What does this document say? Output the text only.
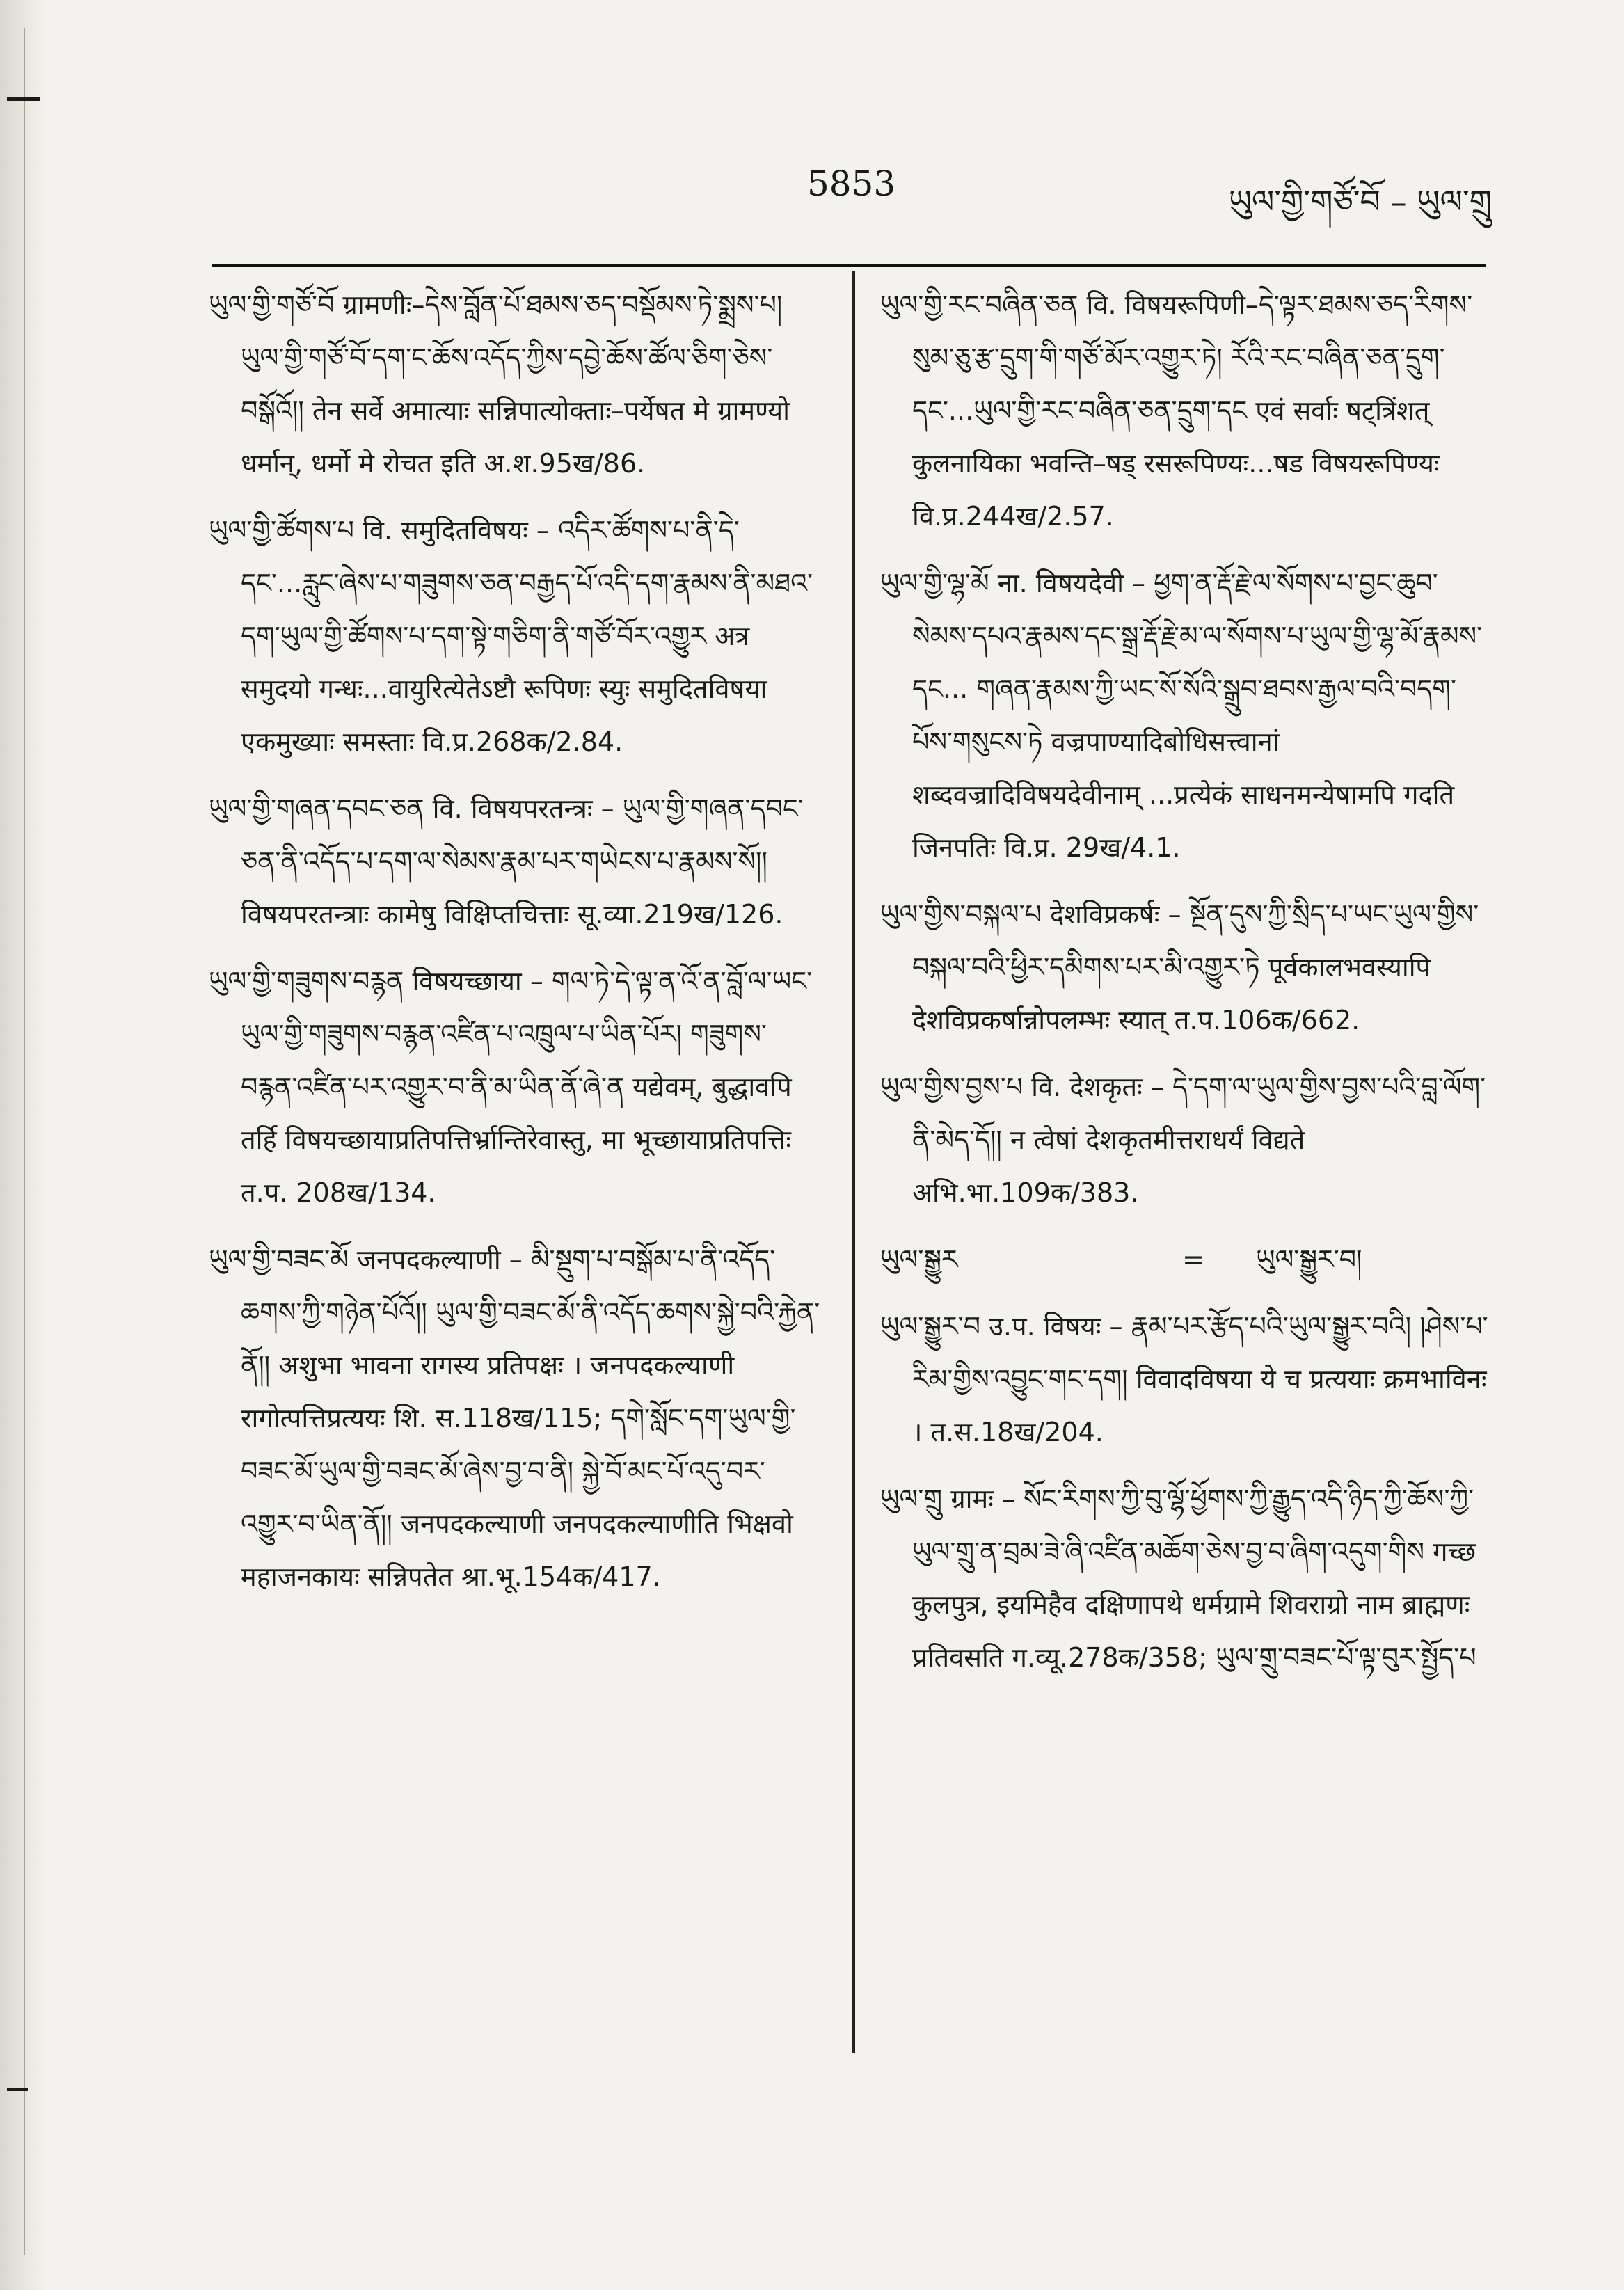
5853	ཡུལ་གྱི་གཙོ་བོ – ཡུལ་གྲུ
ཡུལ་གྱི་གཙོ་བོ ग्रामणीः–དེས་བློན་པོ་ཐམས་ཅད་བསྡོམས་ཏེ་སྨྲས་པ། ཡུལ་གྱི་གཙོ་བོ་དག་ང་ཆོས་འདོད་ཀྱིས་དབྱེ་ཆོས་ཚོལ་ཅིག་ཅེས་བསྒོའོ།། तेन सर्वे अमात्याः सन्निपात्योक्ताः–पर्येषत मे ग्रामण्यो धर्मान्, धर्मो मे रोचत इति अ.श.95ख/86.
ཡུལ་གྱི་ཚོགས་པ वि. समुदितविषयः – འདིར་ཚོགས་པ་ནི་དེ་དང་...རླུང་ཞེས་པ་གཟུགས་ཅན་བརྒྱད་པོ་འདི་དག་རྣམས་ནི་མཐའ་དག་ཡུལ་གྱི་ཚོགས་པ་དག་སྟེ་གཅིག་ནི་གཙོ་བོར་འགྱུར अत्र समुदयो गन्धः...वायुरित्येतेऽष्टौ रूपिणः स्युः समुदितविषया एकमुख्याः समस्ताः वि.प्र.268क/2.84.
ཡུལ་གྱི་གཞན་དབང་ཅན वि. विषयपरतन्त्रः – ཡུལ་གྱི་གཞན་དབང་ཅན་ནི་འདོད་པ་དག་ལ་སེམས་རྣམ་པར་གཡེངས་པ་རྣམས་སོ།། विषयपरतन्त्राः कामेषु विक्षिप्तचित्ताः सू.व्या.219ख/126.
ཡུལ་གྱི་གཟུགས་བརྙན विषयच्छाया – གལ་ཏེ་དེ་ལྟ་ན་འོ་ན་བློ་ལ་ཡང་ཡུལ་གྱི་གཟུགས་བརྙན་འཛིན་པ་འཁྲུལ་པ་ཡིན་པོར། གཟུགས་བརྙན་འཛིན་པར་འགྱུར་བ་ནི་མ་ཡིན་ནོ་ཞེ་ན यद्येवम्, बुद्धावपि तर्हि विषयच्छायाप्रतिपत्तिर्भ्रान्तिरेवास्तु, मा भूच्छायाप्रतिपत्तिः त.प. 208ख/134.
ཡུལ་གྱི་བཟང་མོ जनपदकल्याणी – མི་སྡུག་པ་བསྒོམ་པ་ནི་འདོད་ཆགས་ཀྱི་གཉེན་པོའོ།། ཡུལ་གྱི་བཟང་མོ་ནི་འདོད་ཆགས་སྐྱེ་བའི་རྐྱེན་ནོ།། अशुभा भावना रागस्य प्रतिपक्षः । जनपदकल्याणी रागोत्पत्तिप्रत्ययः शि. स.118ख/115; དགེ་སློང་དག་ཡུལ་གྱི་བཟང་མོ་ཡུལ་གྱི་བཟང་མོ་ཞེས་བྱ་བ་ནི། སྐྱེ་བོ་མང་པོ་འདུ་བར་འགྱུར་བ་ཡིན་ནོ།། जनपदकल्याणी जनपदकल्याणीति भिक्षवो महाजनकायः सन्निपतेत श्रा.भू.154क/417.
ཡུལ་གྱི་རང་བཞིན་ཅན वि. विषयरूपिणी–དེ་ལྟར་ཐམས་ཅད་རིགས་སུམ་ཅུ་རྩ་དྲུག་གི་གཙོ་མོར་འགྱུར་ཏེ། རོའི་རང་བཞིན་ཅན་དྲུག་དང་...ཡུལ་གྱི་རང་བཞིན་ཅན་དྲུག་དང एवं सर्वाः षट्त्रिंशत् कुलनायिका भवन्ति–षड् रसरूपिण्यः...षड विषयरूपिण्यः वि.प्र.244ख/2.57.
ཡུལ་གྱི་ལྷ་མོ ना. विषयदेवी – ཕྱག་ན་རྡོ་རྗེ་ལ་སོགས་པ་བྱང་ཆུབ་སེམས་དཔའ་རྣམས་དང་སྒྲ་རྡོ་རྗེ་མ་ལ་སོགས་པ་ཡུལ་གྱི་ལྷ་མོ་རྣམས་དང... གཞན་རྣམས་ཀྱི་ཡང་སོ་སོའི་སྒྲུབ་ཐབས་རྒྱལ་བའི་བདག་པོས་གསུངས་ཏེ वज्रपाण्यादिबोधिसत्त्वानां शब्दवज्रादिविषयदेवीनाम् ...प्रत्येकं साधनमन्येषामपि गदति जिनपतिः वि.प्र. 29ख/4.1.
ཡུལ་གྱིས་བསྐལ་པ देशविप्रकर्षः – སྔོན་དུས་ཀྱི་སྲིད་པ་ཡང་ཡུལ་གྱིས་བསྐལ་བའི་ཕྱིར་དམིགས་པར་མི་འགྱུར་ཏེ पूर्वकालभवस्यापि देशविप्रकर्षान्नोपलम्भः स्यात् त.प.106क/662.
ཡུལ་གྱིས་བྱས་པ वि. देशकृतः – དེ་དག་ལ་ཡུལ་གྱིས་བྱས་པའི་བླ་ལོག་ནི་མེད་དོ།། न त्वेषां देशकृतमीत्तराधर्यं विद्यते अभि.भा.109क/383.
ཡུལ་སྒྱུར	=	ཡུལ་སྒྱུར་བ།
ཡུལ་སྒྱུར་བ उ.प. विषयः – རྣམ་པར་རྩོད་པའི་ཡུལ་སྒྱུར་བའི། །ཤེས་པ་རིམ་གྱིས་འབྱུང་གང་དག། विवादविषया ये च प्रत्ययाः क्रमभाविनः । त.स.18ख/204.
ཡུལ་གྲུ ग्रामः – སོང་རིགས་ཀྱི་བུ་ལྷོ་ཕྱོགས་ཀྱི་རྒྱུད་འདི་ཉིད་ཀྱི་ཆོས་ཀྱི་ཡུལ་གྲུ་ན་བྲམ་ཟེ་ཞི་འཛིན་མཆོག་ཅེས་བྱ་བ་ཞིག་འདུག་གིས गच्छ कुलपुत्र, इयमिहैव दक्षिणापथे धर्मग्रामे शिवराग्रो नाम ब्राह्मणः प्रतिवसति ग.व्यू.278क/358; ཡུལ་གྲུ་བཟང་པོ་ལྟ་བུར་སྤྱོད་པ
